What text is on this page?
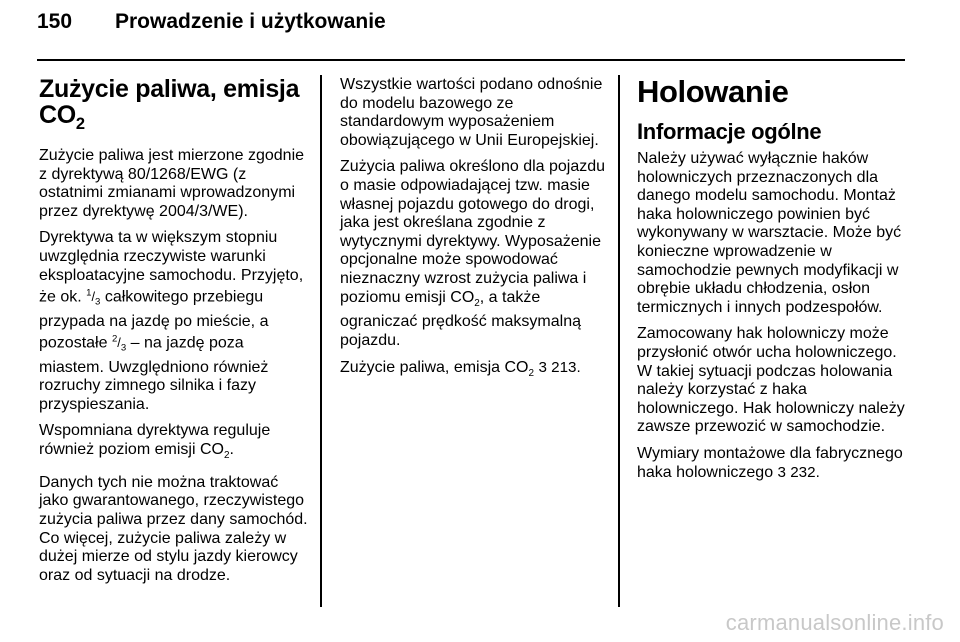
150 Prowadzenie i użytkowanie
Zużycie paliwa, emisja $CO_2$

Zużycie paliwa jest mierzone zgodnie z dyrektywą 80/1268/EWG (z ostatnimi zmianami wprowadzonymi przez dyrektywę 2004/3/WE).

Dyrektywa ta w większym stopniu uwzględnia rzeczywiste warunki eksploatacyjne samochodu. Przyjęto, że ok. $^1/_3$ całkowitego przebiegu przypada na jazdę po mieście, a pozostałe $^2/_3$ – na jazdę poza miastem. Uwzględniono również rozruchy zimnego silnika i fazy przyspieszania.

Wspomniana dyrektywa reguluje również poziom emisji $CO_2$.

Danych tych nie można traktować jako gwarantowanego, rzeczywistego zużycia paliwa przez dany samochód. Co więcej, zużycie paliwa zależy w dużej mierze od stylu jazdy kierowcy oraz od sytuacji na drodze.

Wszystkie wartości podano odnośnie do modelu bazowego ze standardowym wyposażeniem obowiązującego w Unii Europejskiej.

Zużycia paliwa określono dla pojazdu o masie odpowiadającej tzw. masie własnej pojazdu gotowego do drogi, jaka jest określana zgodnie z wytycznymi dyrektywy. Wyposażenie opcjonalne może spowodować nieznaczny wzrost zużycia paliwa i poziomu emisji $CO_2$, a także ograniczać prędkość maksymalną pojazdu.

Zużycie paliwa, emisja $CO_2$ 3 213.

Holowanie
Informacje ogólne

Należy używać wyłącznie haków holowniczych przeznaczonych dla danego modelu samochodu. Montaż haka holowniczego powinien być wykonywany w warsztacie. Może być konieczne wprowadzenie w samochodzie pewnych modyfikacji w obrębie układu chłodzenia, osłon termicznych i innych podzespołów.

Zamocowany hak holowniczy może przysłonić otwór ucha holowniczego. W takiej sytuacji podczas holowania należy korzystać z haka holowniczego. Hak holowniczy należy zawsze przewozić w samochodzie.

Wymiary montażowe dla fabrycznego haka holowniczego 3 232.

carmanualsonline.info
